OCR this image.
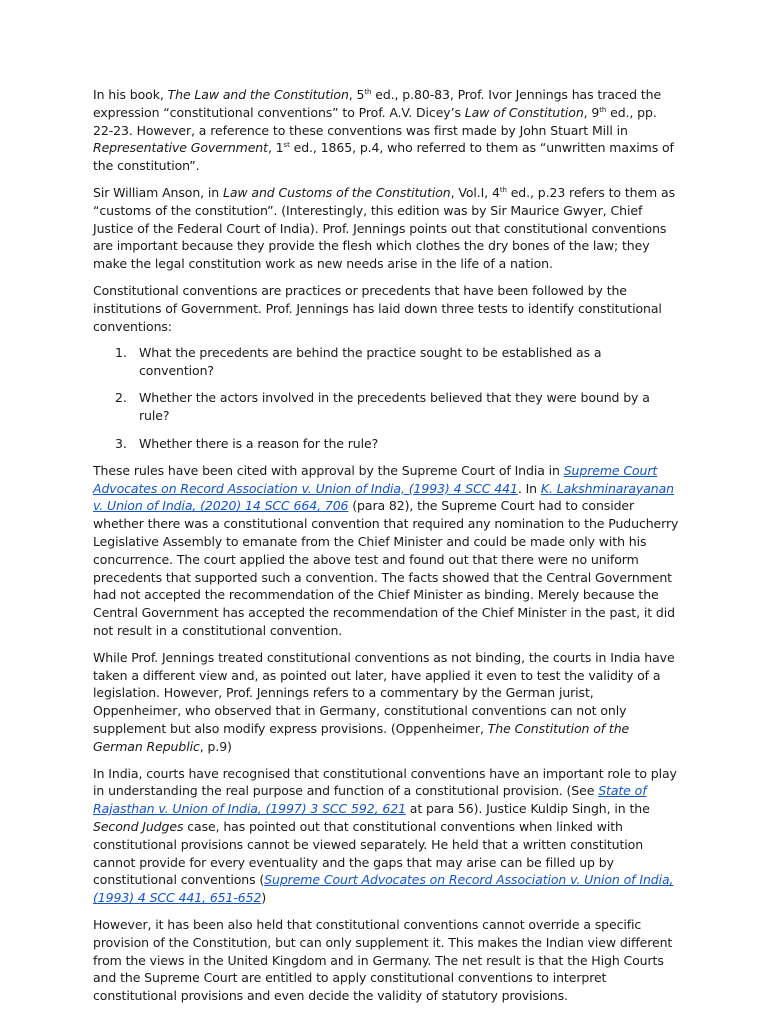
In his book, The Law and the Constitution, 5th ed., p.80-83, Prof. Ivor Jennings has traced the expression “constitutional conventions” to Prof. A.V. Dicey’s Law of Constitution, 9th ed., pp. 22-23. However, a reference to these conventions was first made by John Stuart Mill in Representative Government, 1st ed., 1865, p.4, who referred to them as “unwritten maxims of the constitution”.

Sir William Anson, in Law and Customs of the Constitution, Vol.I, 4th ed., p.23 refers to them as “customs of the constitution”. (Interestingly, this edition was by Sir Maurice Gwyer, Chief Justice of the Federal Court of India). Prof. Jennings points out that constitutional conventions are important because they provide the flesh which clothes the dry bones of the law; they make the legal constitution work as new needs arise in the life of a nation.

Constitutional conventions are practices or precedents that have been followed by the institutions of Government. Prof. Jennings has laid down three tests to identify constitutional conventions:

1. What the precedents are behind the practice sought to be established as a convention?
2. Whether the actors involved in the precedents believed that they were bound by a rule?
3. Whether there is a reason for the rule?

These rules have been cited with approval by the Supreme Court of India in Supreme Court Advocates on Record Association v. Union of India, (1993) 4 SCC 441. In K. Lakshminarayanan v. Union of India, (2020) 14 SCC 664, 706 (para 82), the Supreme Court had to consider whether there was a constitutional convention that required any nomination to the Puducherry Legislative Assembly to emanate from the Chief Minister and could be made only with his concurrence. The court applied the above test and found out that there were no uniform precedents that supported such a convention. The facts showed that the Central Government had not accepted the recommendation of the Chief Minister as binding. Merely because the Central Government has accepted the recommendation of the Chief Minister in the past, it did not result in a constitutional convention.

While Prof. Jennings treated constitutional conventions as not binding, the courts in India have taken a different view and, as pointed out later, have applied it even to test the validity of a legislation. However, Prof. Jennings refers to a commentary by the German jurist, Oppenheimer, who observed that in Germany, constitutional conventions can not only supplement but also modify express provisions. (Oppenheimer, The Constitution of the German Republic, p.9)

In India, courts have recognised that constitutional conventions have an important role to play in understanding the real purpose and function of a constitutional provision. (See State of Rajasthan v. Union of India, (1997) 3 SCC 592, 621 at para 56). Justice Kuldip Singh, in the Second Judges case, has pointed out that constitutional conventions when linked with constitutional provisions cannot be viewed separately. He held that a written constitution cannot provide for every eventuality and the gaps that may arise can be filled up by constitutional conventions (Supreme Court Advocates on Record Association v. Union of India, (1993) 4 SCC 441, 651-652)

However, it has been also held that constitutional conventions cannot override a specific provision of the Constitution, but can only supplement it. This makes the Indian view different from the views in the United Kingdom and in Germany. The net result is that the High Courts and the Supreme Court are entitled to apply constitutional conventions to interpret constitutional provisions and even decide the validity of statutory provisions.
